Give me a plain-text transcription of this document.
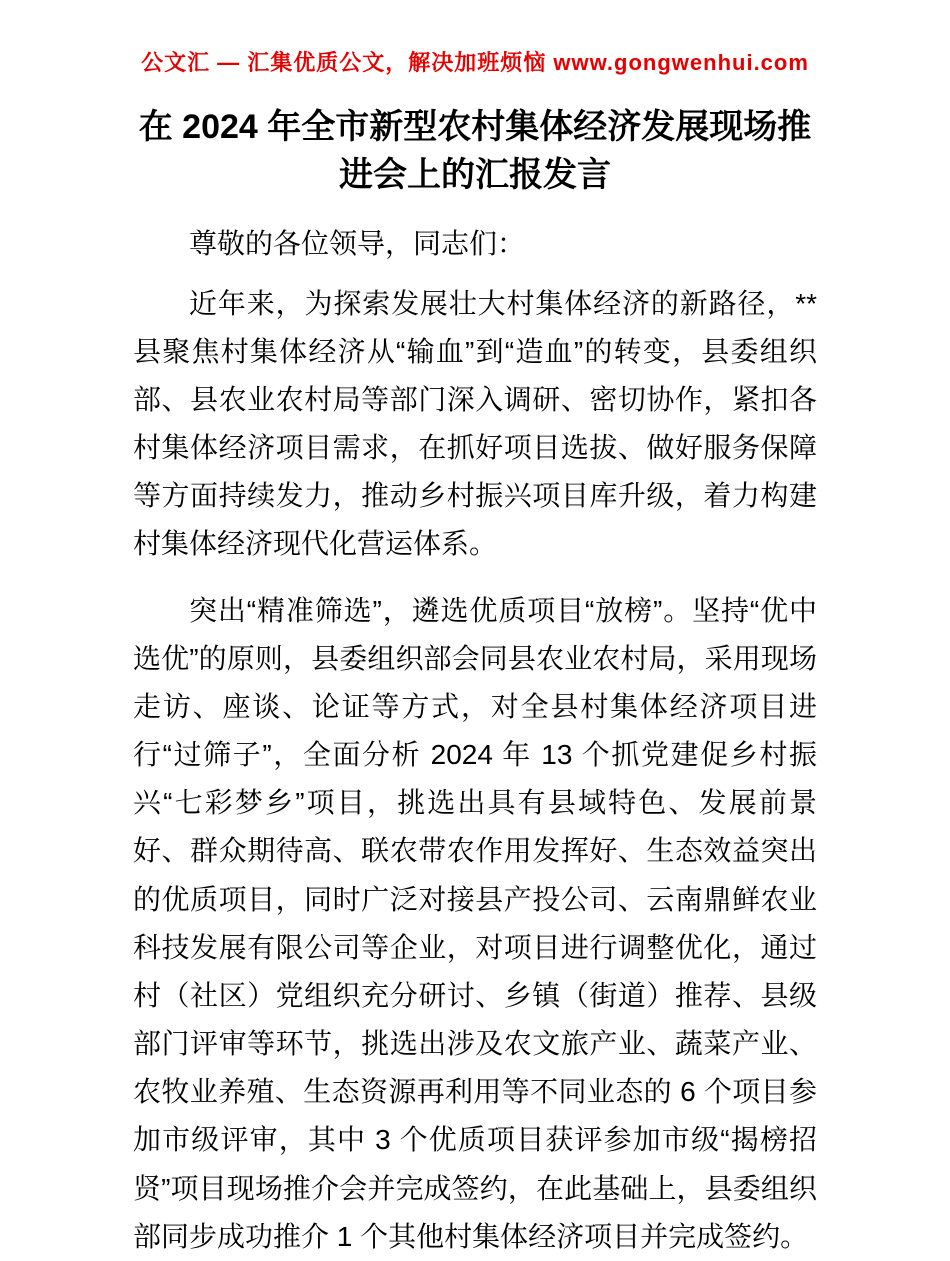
公文汇 — 汇集优质公文，解决加班烦恼 www.gongwenhui.com
在 2024 年全市新型农村集体经济发展现场推进会上的汇报发言

尊敬的各位领导，同志们：

近年来，为探索发展壮大村集体经济的新路径，**县聚焦村集体经济从“输血”到“造血”的转变，县委组织部、县农业农村局等部门深入调研、密切协作，紧扣各村集体经济项目需求，在抓好项目选拔、做好服务保障等方面持续发力，推动乡村振兴项目库升级，着力构建村集体经济现代化营运体系。

突出“精准筛选”，遴选优质项目“放榜”。坚持“优中选优”的原则，县委组织部会同县农业农村局，采用现场走访、座谈、论证等方式，对全县村集体经济项目进行“过筛子”，全面分析 2024 年 13 个抓党建促乡村振兴“七彩梦乡”项目，挑选出具有县域特色、发展前景好、群众期待高、联农带农作用发挥好、生态效益突出的优质项目，同时广泛对接县产投公司、云南鼎鲜农业科技发展有限公司等企业，对项目进行调整优化，通过村（社区）党组织充分研讨、乡镇（街道）推荐、县级部门评审等环节，挑选出涉及农文旅产业、蔬菜产业、农牧业养殖、生态资源再利用等不同业态的 6 个项目参加市级评审，其中 3 个优质项目获评参加市级“揭榜招贤”项目现场推介会并完成签约，在此基础上，县委组织部同步成功推介 1 个其他村集体经济项目并完成签约。
